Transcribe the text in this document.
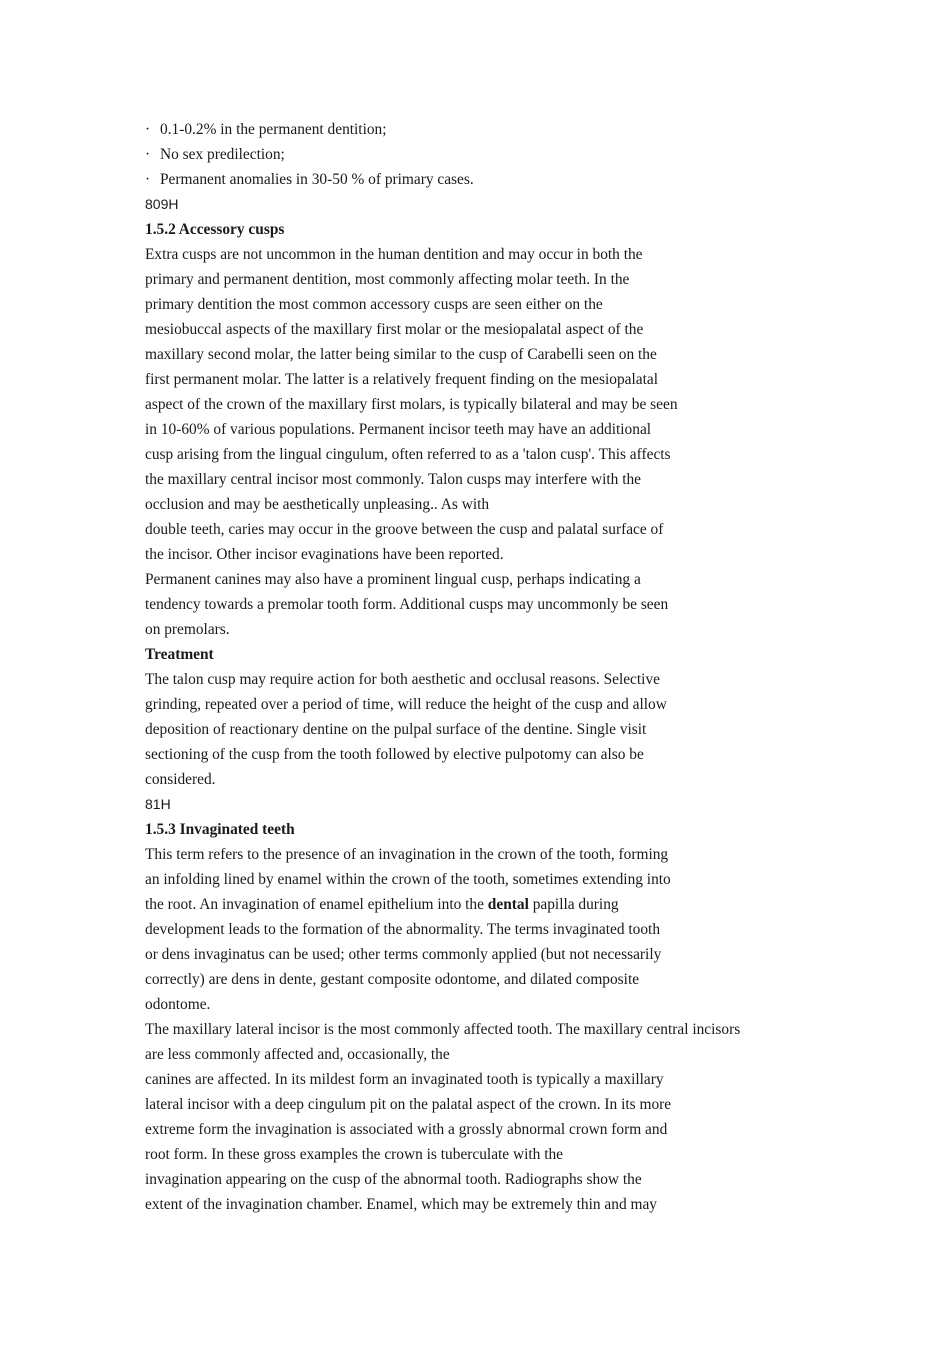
· 0.1-0.2% in the permanent dentition;
· No sex predilection;
· Permanent anomalies in 30-50 % of primary cases.
809H
1.5.2 Accessory cusps
Extra cusps are not uncommon in the human dentition and may occur in both the
primary and permanent dentition, most commonly affecting molar teeth. In the
primary dentition the most common accessory cusps are seen either on the
mesiobuccal aspects of the maxillary first molar or the mesiopalatal aspect of the
maxillary second molar, the latter being similar to the cusp of Carabelli seen on the
first permanent molar. The latter is a relatively frequent finding on the mesiopalatal
aspect of the crown of the maxillary first molars, is typically bilateral and may be seen
in 10-60% of various populations. Permanent incisor teeth may have an additional
cusp arising from the lingual cingulum, often referred to as a 'talon cusp'. This affects
the maxillary central incisor most commonly. Talon cusps may interfere with the
occlusion and may be aesthetically unpleasing.. As with
double teeth, caries may occur in the groove between the cusp and palatal surface of
the incisor. Other incisor evaginations have been reported.
Permanent canines may also have a prominent lingual cusp, perhaps indicating a
tendency towards a premolar tooth form. Additional cusps may uncommonly be seen
on premolars.
Treatment
The talon cusp may require action for both aesthetic and occlusal reasons. Selective
grinding, repeated over a period of time, will reduce the height of the cusp and allow
deposition of reactionary dentine on the pulpal surface of the dentine. Single visit
sectioning of the cusp from the tooth followed by elective pulpotomy can also be
considered.
81H
1.5.3 Invaginated teeth
This term refers to the presence of an invagination in the crown of the tooth, forming
an infolding lined by enamel within the crown of the tooth, sometimes extending into
the root. An invagination of enamel epithelium into the dental papilla during
development leads to the formation of the abnormality. The terms invaginated tooth
or dens invaginatus can be used; other terms commonly applied (but not necessarily
correctly) are dens in dente, gestant composite odontome, and dilated composite
odontome.
The maxillary lateral incisor is the most commonly affected tooth. The maxillary central incisors
are less commonly affected and, occasionally, the
canines are affected. In its mildest form an invaginated tooth is typically a maxillary
lateral incisor with a deep cingulum pit on the palatal aspect of the crown. In its more
extreme form the invagination is associated with a grossly abnormal crown form and
root form. In these gross examples the crown is tuberculate with the
invagination appearing on the cusp of the abnormal tooth. Radiographs show the
extent of the invagination chamber. Enamel, which may be extremely thin and may
